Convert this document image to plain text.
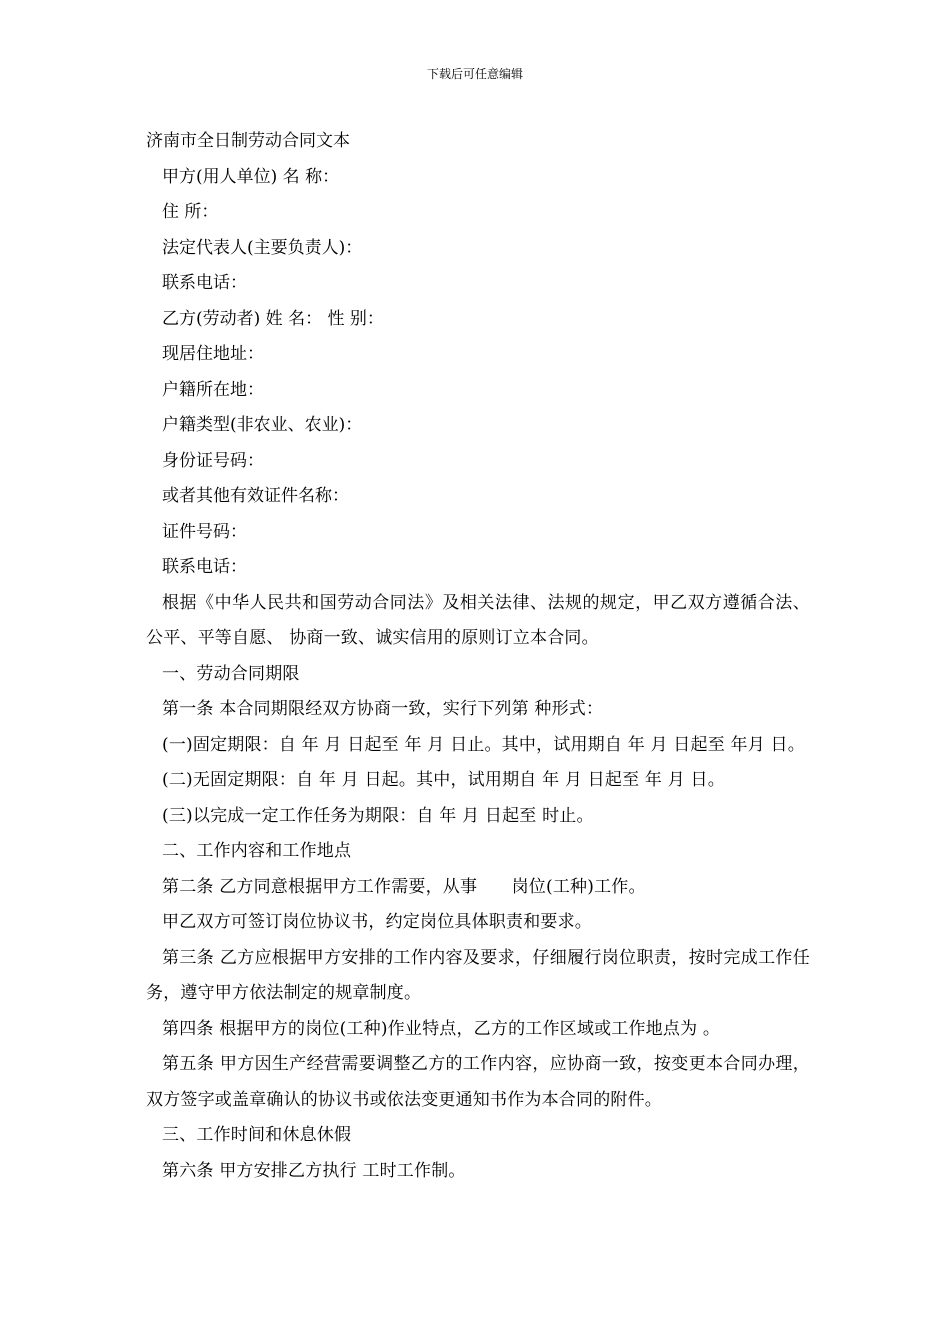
下载后可任意编辑
济南市全日制劳动合同文本
甲方(用人单位) 名 称：
住 所：
法定代表人(主要负责人)：
联系电话：
乙方(劳动者) 姓 名： 性 别：
现居住地址：
户籍所在地：
户籍类型(非农业、农业)：
身份证号码：
或者其他有效证件名称：
证件号码：
联系电话：
根据《中华人民共和国劳动合同法》及相关法律、法规的规定，甲乙双方遵循合法、公平、平等自愿、 协商一致、诚实信用的原则订立本合同。
一、劳动合同期限
第一条 本合同期限经双方协商一致，实行下列第 种形式：
(一)固定期限：自 年 月 日起至 年 月 日止。其中，试用期自 年 月 日起至 年月 日。
(二)无固定期限：自 年 月 日起。其中，试用期自 年 月 日起至 年 月 日。
(三)以完成一定工作任务为期限：自 年 月 日起至 时止。
二、工作内容和工作地点
第二条 乙方同意根据甲方工作需要，从事　　岗位(工种)工作。
甲乙双方可签订岗位协议书，约定岗位具体职责和要求。
第三条 乙方应根据甲方安排的工作内容及要求，仔细履行岗位职责，按时完成工作任务，遵守甲方依法制定的规章制度。
第四条 根据甲方的岗位(工种)作业特点，乙方的工作区域或工作地点为 。
第五条 甲方因生产经营需要调整乙方的工作内容，应协商一致，按变更本合同办理，双方签字或盖章确认的协议书或依法变更通知书作为本合同的附件。
三、工作时间和休息休假
第六条 甲方安排乙方执行 工时工作制。
